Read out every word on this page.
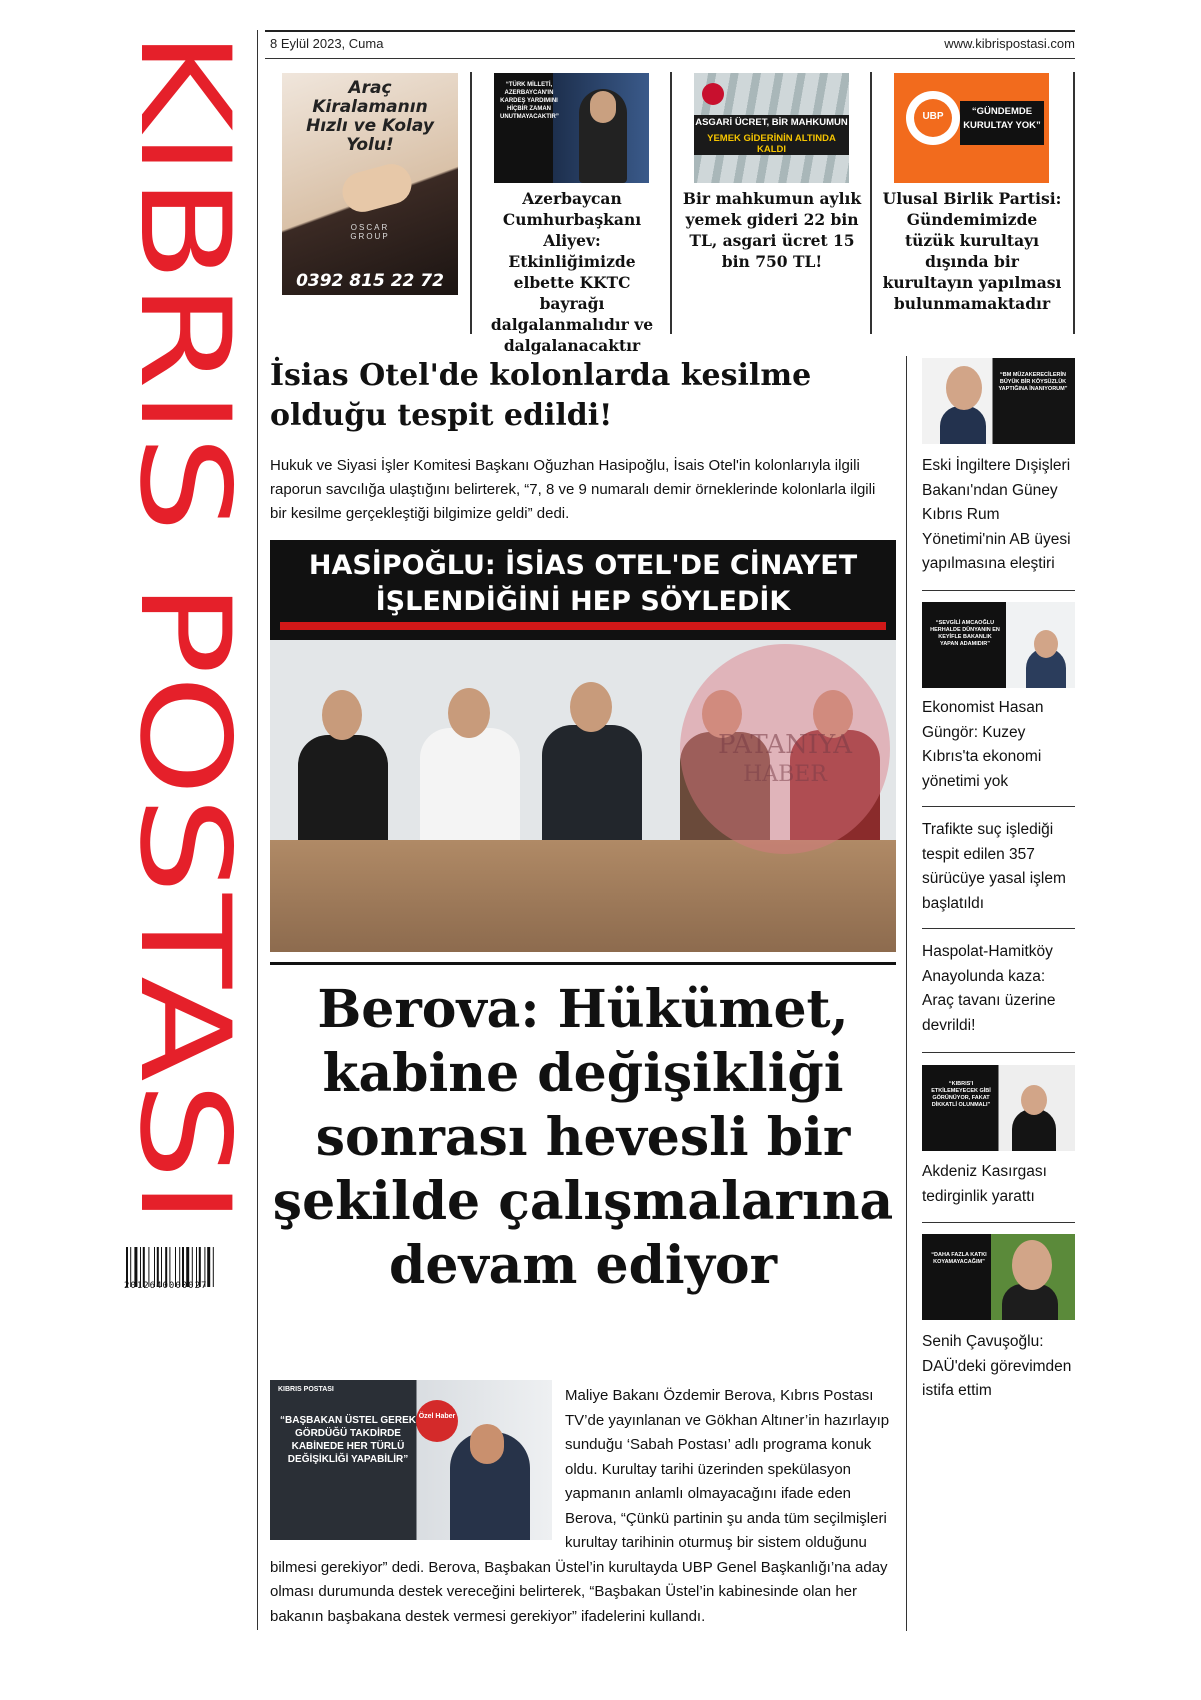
KIBRIS POSTASI
2012640000027
8 Eylül 2023, Cuma	www.kibrispostasi.com
Araç Kiralamanın Hızlı ve Kolay Yolu!
OSCAR GROUP
0392 815 22 72
“TÜRK MİLLETİ, AZERBAYCAN'IN KARDEŞ YARDIMINI HİÇBİR ZAMAN UNUTMAYACAKTIR”
Azerbaycan Cumhurbaşkanı Aliyev: Etkinliğimizde elbette KKTC bayrağı dalgalanmalıdır ve dalgalanacaktır
ASGARİ ÜCRET, BİR MAHKUMUN
YEMEK GİDERİNİN ALTINDA KALDI
Bir mahkumun aylık yemek gideri 22 bin TL, asgari ücret 15 bin 750 TL!
UBP	“GÜNDEMDE KURULTAY YOK”
Ulusal Birlik Partisi: Gündemimizde tüzük kurultayı dışında bir kurultayın yapılması bulunmamaktadır
İsias Otel'de kolonlarda kesilme olduğu tespit edildi!
Hukuk ve Siyasi İşler Komitesi Başkanı Oğuzhan Hasipoğlu, İsais Otel'in kolonlarıyla ilgili raporun savcılığa ulaştığını belirterek, “7, 8 ve 9 numaralı demir örneklerinde kolonlarla ilgili bir kesilme gerçekleştiği bilgimize geldi” dedi.
HASİPOĞLU: İSİAS OTEL'DE CİNAYET
İŞLENDİĞİNİ HEP SÖYLEDİK
PATANIYA
HABER
Berova: Hükümet, kabine değişikliği sonrası hevesli bir şekilde çalışmalarına devam ediyor
KIBRIS POSTASI
“BAŞBAKAN ÜSTEL GEREK GÖRDÜĞÜ TAKDİRDE KABİNEDE HER TÜRLÜ DEĞİŞİKLİĞİ YAPABİLİR”
Özel Haber
Maliye Bakanı Özdemir Berova, Kıbrıs Postası TV’de yayınlanan ve Gökhan Altıner’in hazırlayıp sunduğu ‘Sabah Postası’ adlı programa konuk oldu. Kurultay tarihi üzerinden spekülasyon yapmanın anlamlı olmayacağını ifade eden Berova, “Çünkü partinin şu anda tüm seçilmişleri kurultay tarihinin oturmuş bir sistem olduğunu bilmesi gerekiyor” dedi. Berova, Başbakan Üstel’in kurultayda UBP Genel Başkanlığı’na aday olması durumunda destek vereceğini belirterek, “Başbakan Üstel’in kabinesinde olan her bakanın başbakana destek vermesi gerekiyor” ifadelerini kullandı.
“BM MÜZAKERECİLERİN BÜYÜK BİR KÖYSÜZLÜK YAPTIĞINA İNANIYORUM”
Eski İngiltere Dışişleri Bakanı'ndan Güney Kıbrıs Rum Yönetimi'nin AB üyesi yapılmasına eleştiri
“SEVGİLİ AMCAOĞLU HERHALDE DÜNYANIN EN KEYİFLE BAKANLIK YAPAN ADAMIDIR”
Ekonomist Hasan Güngör: Kuzey Kıbrıs'ta ekonomi yönetimi yok
Trafikte suç işlediği tespit edilen 357 sürücüye yasal işlem başlatıldı
Haspolat-Hamitköy Anayolunda kaza: Araç tavanı üzerine devrildi!
“KIBRIS'I ETKİLEMEYECEK GİBİ GÖRÜNÜYOR, FAKAT DİKKATLİ OLUNMALI”
Akdeniz Kasırgası tedirginlik yarattı
“DAHA FAZLA KATKI KOYAMAYACAĞIM”
Senih Çavuşoğlu: DAÜ'deki görevimden istifa ettim
